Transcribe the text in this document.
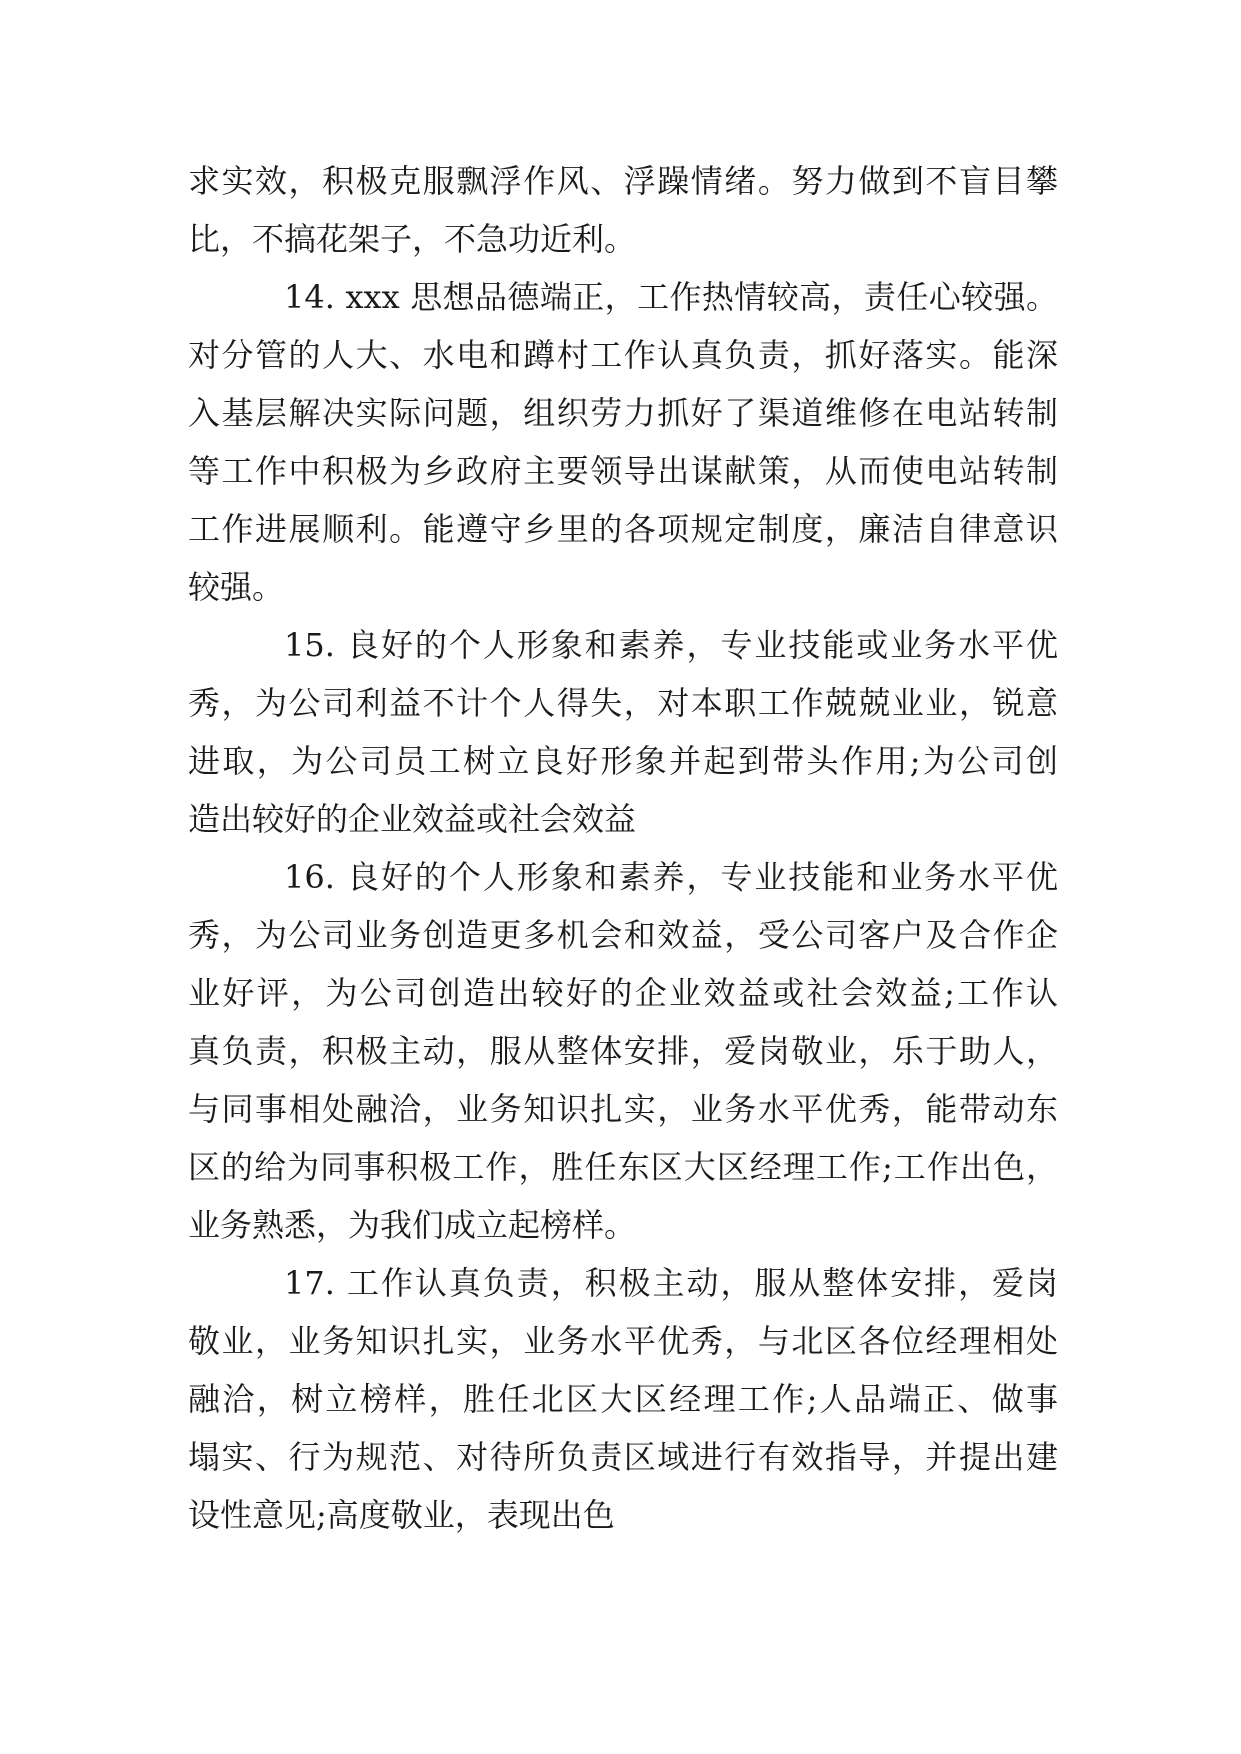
求实效，积极克服飘浮作风、浮躁情绪。努力做到不盲目攀
比，不搞花架子，不急功近利。
14. xxx 思想品德端正，工作热情较高，责任心较强。
对分管的人大、水电和蹲村工作认真负责，抓好落实。能深
入基层解决实际问题，组织劳力抓好了渠道维修在电站转制
等工作中积极为乡政府主要领导出谋献策，从而使电站转制
工作进展顺利。能遵守乡里的各项规定制度，廉洁自律意识
较强。
15. 良好的个人形象和素养，专业技能或业务水平优
秀，为公司利益不计个人得失，对本职工作兢兢业业，锐意
进取，为公司员工树立良好形象并起到带头作用;为公司创
造出较好的企业效益或社会效益
16. 良好的个人形象和素养，专业技能和业务水平优
秀，为公司业务创造更多机会和效益，受公司客户及合作企
业好评，为公司创造出较好的企业效益或社会效益;工作认
真负责，积极主动，服从整体安排，爱岗敬业，乐于助人，
与同事相处融洽，业务知识扎实，业务水平优秀，能带动东
区的给为同事积极工作，胜任东区大区经理工作;工作出色，
业务熟悉，为我们成立起榜样。
17. 工作认真负责，积极主动，服从整体安排，爱岗
敬业，业务知识扎实，业务水平优秀，与北区各位经理相处
融洽，树立榜样，胜任北区大区经理工作;人品端正、做事
塌实、行为规范、对待所负责区域进行有效指导，并提出建
设性意见;高度敬业，表现出色
